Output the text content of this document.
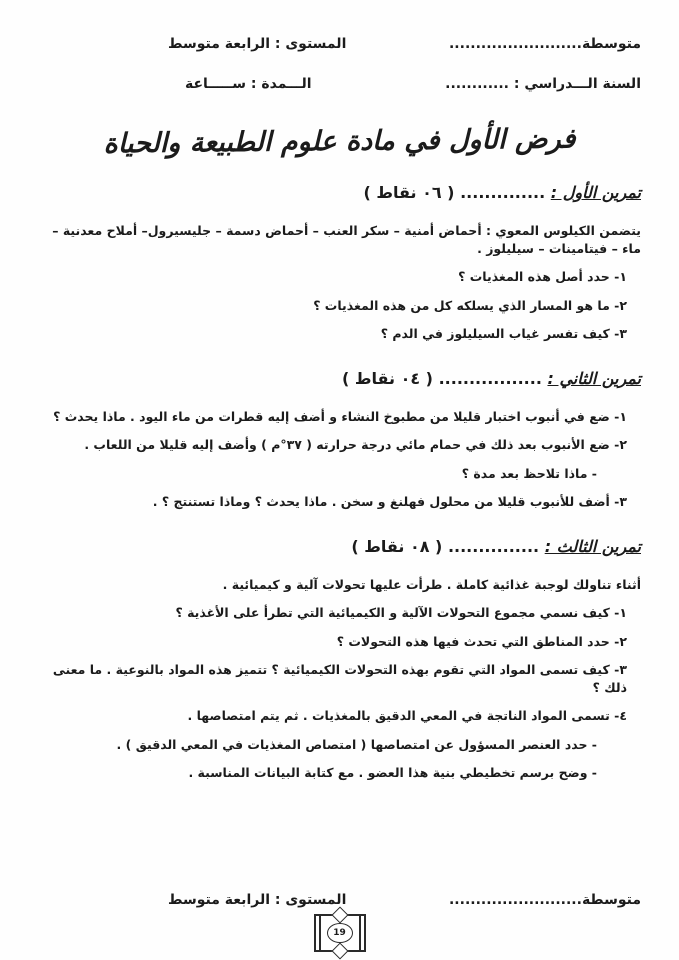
متوسطة.........................
المستوى : الرابعة متوسط
السنة الـــدراسي : ............
الـــمدة : ســـــاعة
فرض الأول في مادة علوم الطبيعة والحياة
تمرين الأول : .............. ( ٠٦ نقاط )
يتضمن الكيلوس المعوي : أحماض أمنية – سكر العنب – أحماض دسمة – جليسيرول– أملاح معدنية – ماء – فيتامينات – سيليلوز .
١- حدد أصل هذه المغذيات ؟
٢- ما هو المسار الذي يسلكه كل من هذه المغذيات ؟
٣- كيف تفسر غياب السيليلوز في الدم ؟
تمرين الثاني : ................. ( ٠٤ نقاط )
١- ضع في أنبوب اختبار قليلا من مطبوخ النشاء و أضف إليه قطرات من ماء اليود . ماذا يحدث ؟
٢- ضع الأنبوب بعد ذلك في حمام مائي درجة حرارته ( ٣٧°م ) وأضف إليه قليلا من اللعاب .
- ماذا تلاحظ بعد مدة ؟
٣- أضف للأنبوب قليلا من محلول فهلنغ و سخن . ماذا يحدث ؟ وماذا تستنتج ؟ .
تمرين الثالث : ............... ( ٠٨ نقاط )
أثناء تناولك لوجبة غذائية كاملة . طرأت عليها تحولات آلية و كيميائية .
١- كيف نسمي مجموع التحولات الآلية و الكيميائية التي تطرأ على الأغذية ؟
٢- حدد المناطق التي تحدث فيها هذه التحولات ؟
٣- كيف تسمى المواد التي تقوم بهذه التحولات الكيميائية ؟ تتميز هذه المواد بالنوعية . ما معنى ذلك ؟
٤- تسمى المواد الناتجة في المعي الدقيق بالمغذيات . ثم يتم امتصاصها .
- حدد العنصر المسؤول عن امتصاصها ( امتصاص المغذيات في المعي الدقيق ) .
- وضح برسم تخطيطي بنية هذا العضو . مع كتابة البيانات المناسبة .
متوسطة.........................
المستوى : الرابعة متوسط
19
